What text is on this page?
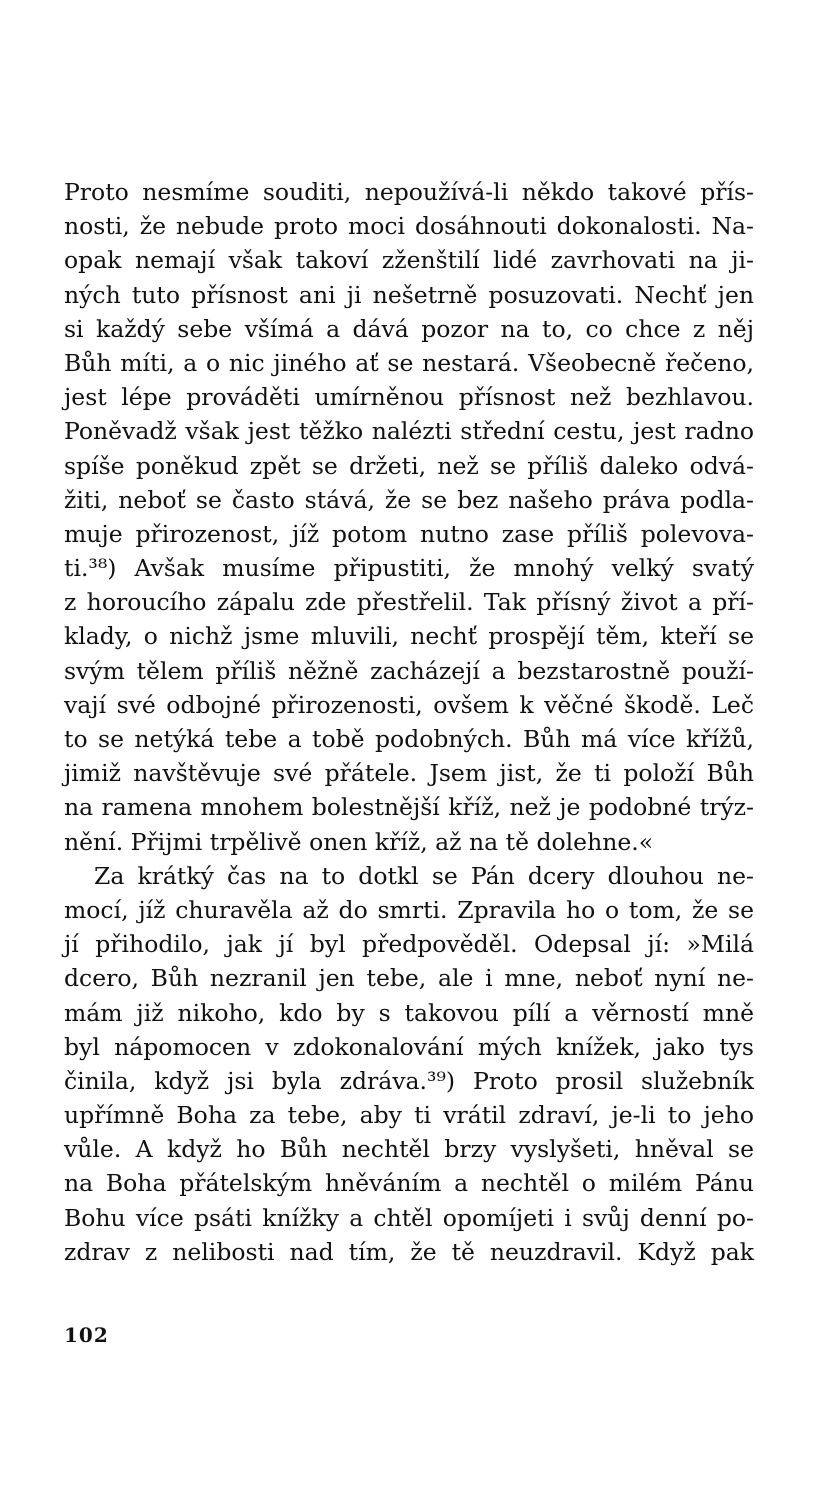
Proto nesmíme souditi, nepoužívá-li někdo takové přís-
nosti, že nebude proto moci dosáhnouti dokonalosti. Na-
opak nemají však takoví zženštilí lidé zavrhovati na ji-
ných tuto přísnost ani ji nešetrně posuzovati. Nechť jen
si každý sebe všímá a dává pozor na to, co chce z něj
Bůh míti, a o nic jiného ať se nestará. Všeobecně řečeno,
jest lépe prováděti umírněnou přísnost než bezhlavou.
Poněvadž však jest těžko nalézti střední cestu, jest radno
spíše poněkud zpět se držeti, než se příliš daleko odvá-
žiti, neboť se často stává, že se bez našeho práva podla-
muje přirozenost, jíž potom nutno zase příliš polevova-
ti.³⁸) Avšak musíme připustiti, že mnohý velký svatý
z horoucího zápalu zde přestřelil. Tak přísný život a pří-
klady, o nichž jsme mluvili, nechť prospějí těm, kteří se
svým tělem příliš něžně zacházejí a bezstarostně použí-
vají své odbojné přirozenosti, ovšem k věčné škodě. Leč
to se netýká tebe a tobě podobných. Bůh má více křížů,
jimiž navštěvuje své přátele. Jsem jist, že ti položí Bůh
na ramena mnohem bolestnější kříž, než je podobné trýz-
nění. Přijmi trpělivě onen kříž, až na tě dolehne.«
Za krátký čas na to dotkl se Pán dcery dlouhou ne-
mocí, jíž churavěla až do smrti. Zpravila ho o tom, že se
jí přihodilo, jak jí byl předpověděl. Odepsal jí: »Milá
dcero, Bůh nezranil jen tebe, ale i mne, neboť nyní ne-
mám již nikoho, kdo by s takovou pílí a věrností mně
byl nápomocen v zdokonalování mých knížek, jako tys
činila, když jsi byla zdráva.³⁹) Proto prosil služebník
upřímně Boha za tebe, aby ti vrátil zdraví, je-li to jeho
vůle. A když ho Bůh nechtěl brzy vyslyšeti, hněval se
na Boha přátelským hněváním a nechtěl o milém Pánu
Bohu více psáti knížky a chtěl opomíjeti i svůj denní po-
zdrav z nelibosti nad tím, že tě neuzdravil. Když pak
102
